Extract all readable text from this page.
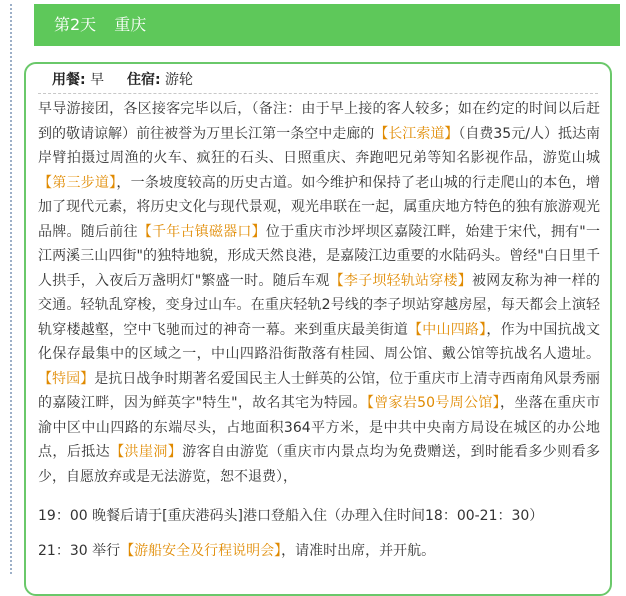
第2天 重庆
用餐: 早 住宿: 游轮
早导游接团，各区接客完毕以后，（备注：由于早上接的客人较多；如在约定的时间以后赶到的敬请谅解）前往被誉为万里长江第一条空中走廊的【长江索道】（自费35元/人）抵达南岸臂拍摄过周渔的火车、疯狂的石头、日照重庆、奔跑吧兄弟等知名影视作品，游览山城【第三步道】，一条坡度较高的历史古道。如今维护和保持了老山城的行走爬山的本色，增加了现代元素，将历史文化与现代景观，观光串联在一起，属重庆地方特色的独有旅游观光品牌。随后前往【千年古镇磁器口】位于重庆市沙坪坝区嘉陵江畔，始建于宋代，拥有"一江两溪三山四街"的独特地貌，形成天然良港，是嘉陵江边重要的水陆码头。曾经"白日里千人拱手，入夜后万盏明灯"繁盛一时。随后车观【李子坝轻轨站穿楼】被网友称为神一样的交通。轻轨乱穿梭，变身过山车。在重庆轻轨2号线的李子坝站穿越房屋，每天都会上演轻轨穿楼越壑，空中飞驰而过的神奇一幕。来到重庆最美街道【中山四路】，作为中国抗战文化保存最集中的区域之一，中山四路沿街散落有桂园、周公馆、戴公馆等抗战名人遗址。【特园】是抗日战争时期著名爱国民主人士鲜英的公馆，位于重庆市上清寺西南角风景秀丽的嘉陵江畔，因为鲜英字"特生"，故名其宅为特园。【曾家岩50号周公馆】，坐落在重庆市渝中区中山四路的东端尽头，占地面积364平方米，是中共中央南方局设在城区的办公地点，后抵达【洪崖洞】游客自由游览（重庆市内景点均为免费赠送，到时能看多少则看多少，自愿放弃或是无法游览，恕不退费），
19：00 晚餐后请于[重庆港码头]港口登船入住（办理入住时间18：00-21：30）
21：30 举行【游船安全及行程说明会】，请准时出席，并开航。
